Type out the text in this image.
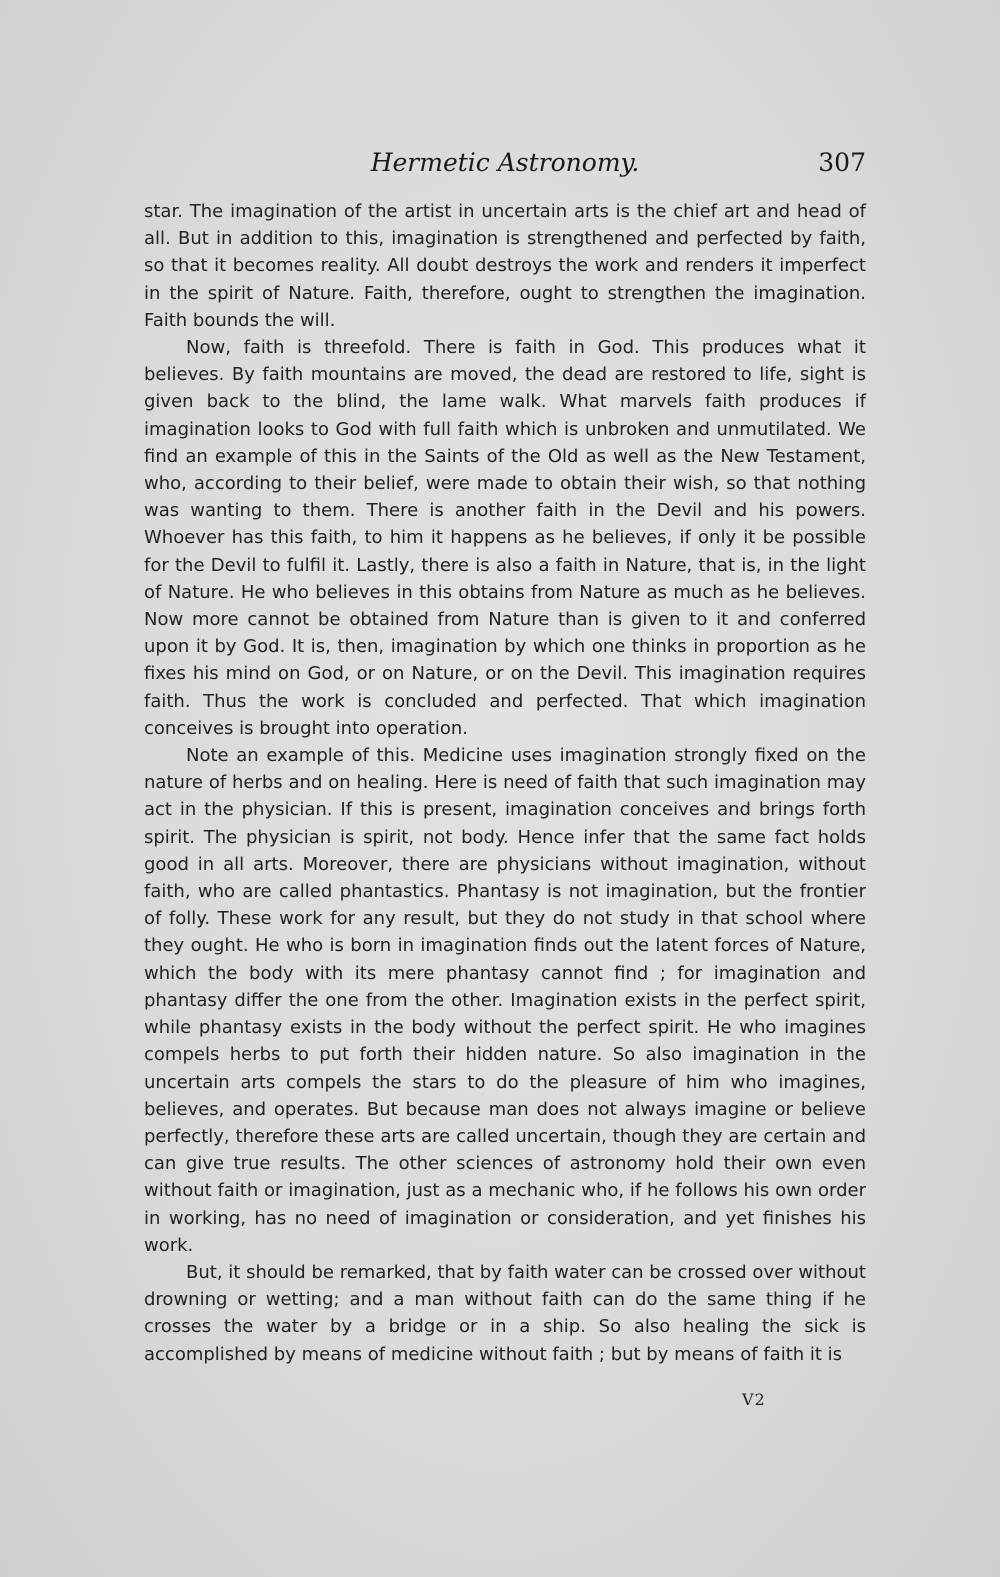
Hermetic Astronomy.	307

star. The imagination of the artist in uncertain arts is the chief art and head of all. But in addition to this, imagination is strengthened and perfected by faith, so that it becomes reality. All doubt destroys the work and renders it imperfect in the spirit of Nature. Faith, therefore, ought to strengthen the imagination. Faith bounds the will.

Now, faith is threefold. There is faith in God. This produces what it believes. By faith mountains are moved, the dead are restored to life, sight is given back to the blind, the lame walk. What marvels faith produces if imagination looks to God with full faith which is unbroken and unmutilated. We find an example of this in the Saints of the Old as well as the New Testament, who, according to their belief, were made to obtain their wish, so that nothing was wanting to them. There is another faith in the Devil and his powers. Whoever has this faith, to him it happens as he believes, if only it be possible for the Devil to fulfil it. Lastly, there is also a faith in Nature, that is, in the light of Nature. He who believes in this obtains from Nature as much as he believes. Now more cannot be obtained from Nature than is given to it and conferred upon it by God. It is, then, imagination by which one thinks in proportion as he fixes his mind on God, or on Nature, or on the Devil. This imagination requires faith. Thus the work is concluded and perfected. That which imagination conceives is brought into operation.

Note an example of this. Medicine uses imagination strongly fixed on the nature of herbs and on healing. Here is need of faith that such imagination may act in the physician. If this is present, imagination conceives and brings forth spirit. The physician is spirit, not body. Hence infer that the same fact holds good in all arts. Moreover, there are physicians without imagination, without faith, who are called phantastics. Phantasy is not imagination, but the frontier of folly. These work for any result, but they do not study in that school where they ought. He who is born in imagination finds out the latent forces of Nature, which the body with its mere phantasy cannot find ; for imagination and phantasy differ the one from the other. Imagination exists in the perfect spirit, while phantasy exists in the body without the perfect spirit. He who imagines compels herbs to put forth their hidden nature. So also imagination in the uncertain arts compels the stars to do the pleasure of him who imagines, believes, and operates. But because man does not always imagine or believe perfectly, therefore these arts are called uncertain, though they are certain and can give true results. The other sciences of astronomy hold their own even without faith or imagination, just as a mechanic who, if he follows his own order in working, has no need of imagination or consideration, and yet finishes his work.

But, it should be remarked, that by faith water can be crossed over without drowning or wetting; and a man without faith can do the same thing if he crosses the water by a bridge or in a ship. So also healing the sick is accomplished by means of medicine without faith ; but by means of faith it is

V2
